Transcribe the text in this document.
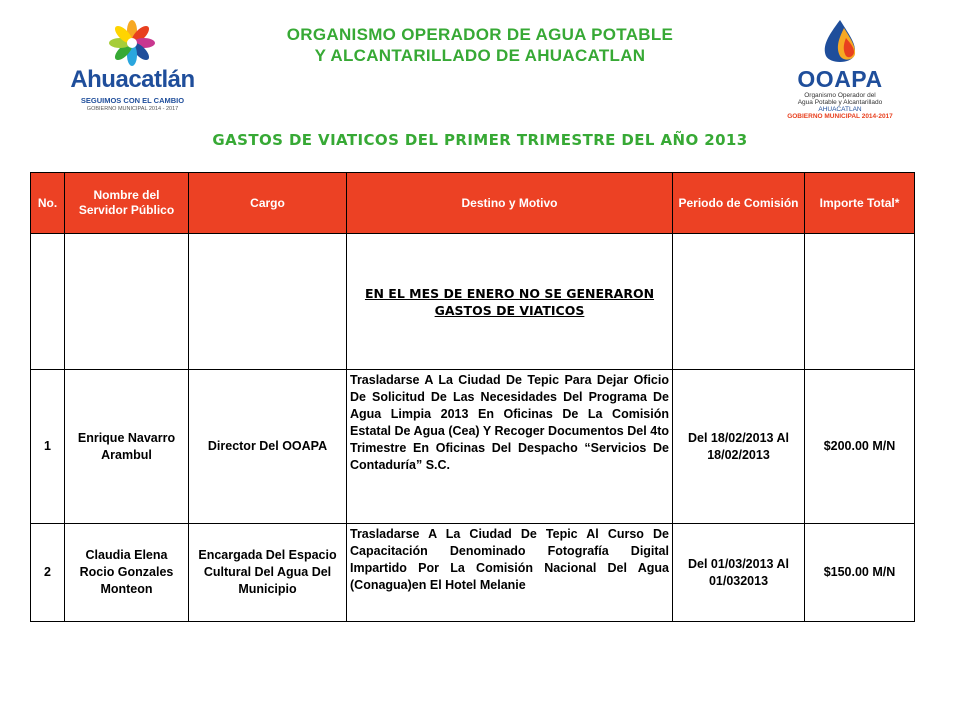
Ahuacatlán
SEGUIMOS CON EL CAMBIO
GOBIERNO MUNICIPAL 2014 - 2017
ORGANISMO OPERADOR DE AGUA POTABLE
Y ALCANTARILLADO DE AHUACATLAN
OOAPA
Organismo Operador del
Agua Potable y Alcantarillado
AHUACATLAN
GOBIERNO MUNICIPAL 2014-2017
GASTOS DE VIATICOS DEL PRIMER TRIMESTRE DEL AÑO 2013
No.	Nombre del Servidor Público	Cargo	Destino y Motivo	Periodo de Comisión	Importe Total*
			EN EL MES DE ENERO NO SE GENERARON GASTOS DE VIATICOS		
1	Enrique Navarro Arambul	Director Del OOAPA	Trasladarse A La Ciudad De Tepic Para Dejar Oficio De Solicitud De Las Necesidades Del Programa De Agua Limpia 2013 En Oficinas De La Comisión Estatal De Agua (Cea) Y Recoger Documentos Del 4to Trimestre En Oficinas Del Despacho “Servicios De Contaduría” S.C.	Del 18/02/2013 Al 18/02/2013	$200.00 M/N
2	Claudia Elena Rocio Gonzales Monteon	Encargada Del Espacio Cultural Del Agua Del Municipio	Trasladarse A La Ciudad De Tepic Al Curso De Capacitación Denominado Fotografía Digital Impartido Por La Comisión Nacional Del Agua (Conagua)en El Hotel Melanie	Del 01/03/2013 Al 01/032013	$150.00 M/N
